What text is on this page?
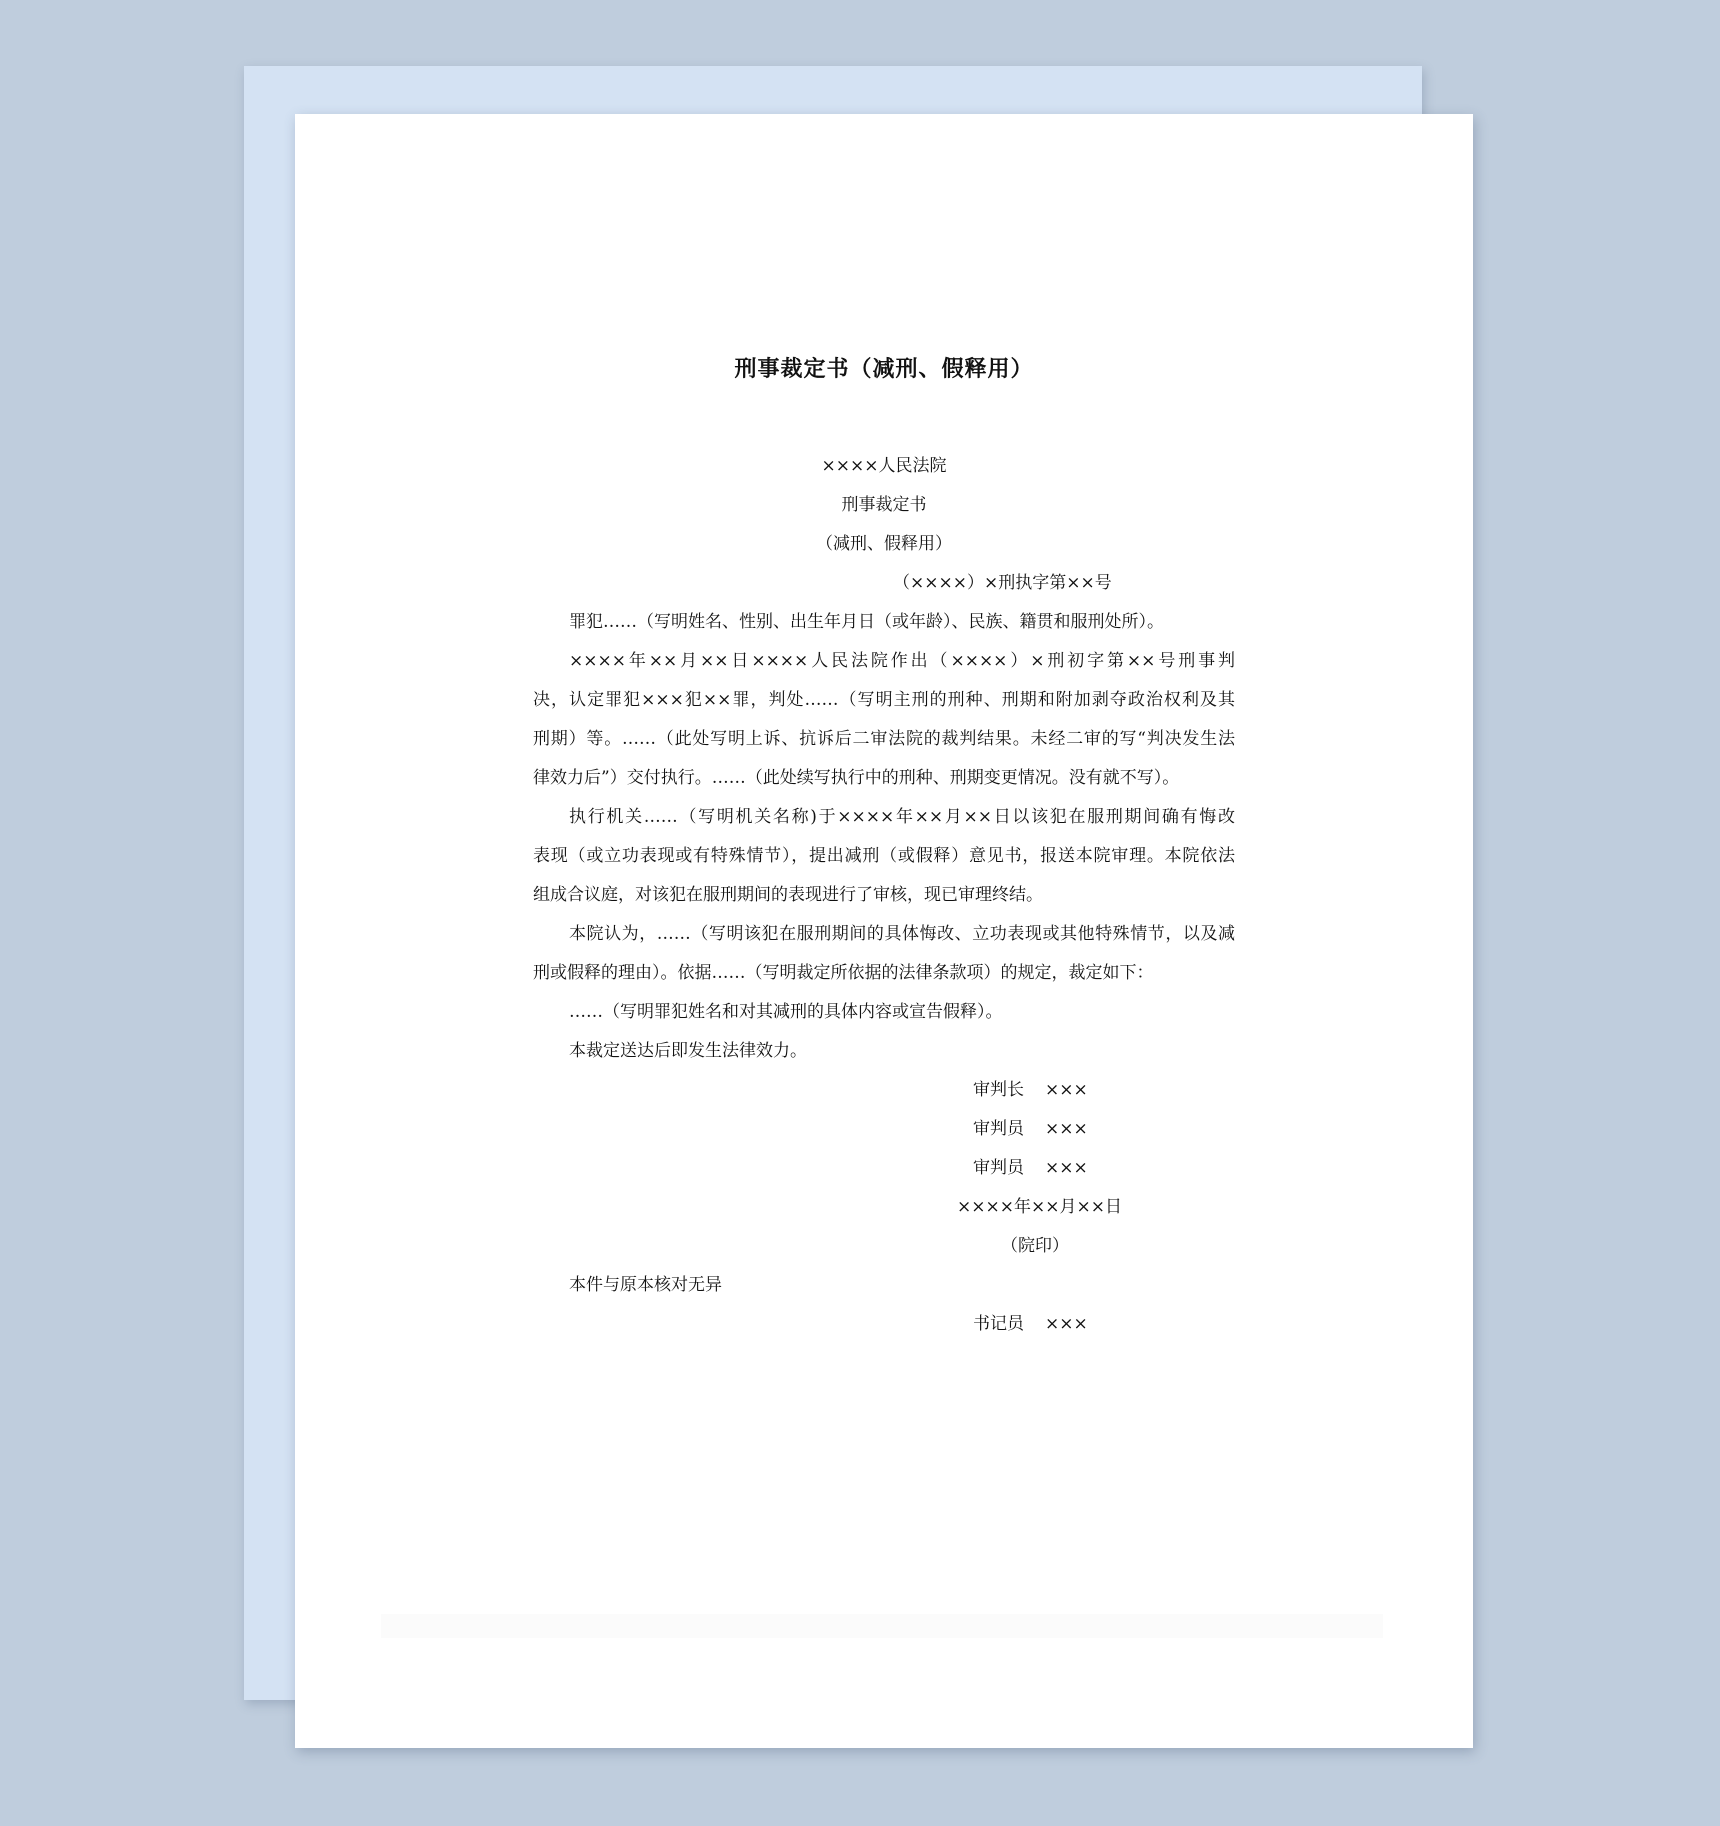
刑事裁定书（减刑、假释用）
××××人民法院
刑事裁定书
（减刑、假释用）
（××××）×刑执字第××号
罪犯……（写明姓名、性别、出生年月日（或年龄）、民族、籍贯和服刑处所）。
××××年××月××日××××人民法院作出（××××）×刑初字第××号刑事判
决，认定罪犯×××犯××罪，判处……（写明主刑的刑种、刑期和附加剥夺政治权利及其
刑期）等。……（此处写明上诉、抗诉后二审法院的裁判结果。未经二审的写“判决发生法
律效力后”）交付执行。……（此处续写执行中的刑种、刑期变更情况。没有就不写）。
执行机关……（写明机关名称)于××××年××月××日以该犯在服刑期间确有悔改
表现（或立功表现或有特殊情节），提出减刑（或假释）意见书，报送本院审理。本院依法
组成合议庭，对该犯在服刑期间的表现进行了审核，现已审理终结。
本院认为，……（写明该犯在服刑期间的具体悔改、立功表现或其他特殊情节，以及减
刑或假释的理由）。依据……（写明裁定所依据的法律条款项）的规定，裁定如下：
……（写明罪犯姓名和对其减刑的具体内容或宣告假释）。
本裁定送达后即发生法律效力。
审判长 ×××
审判员 ×××
审判员 ×××
××××年××月××日
（院印）
本件与原本核对无异
书记员 ×××
